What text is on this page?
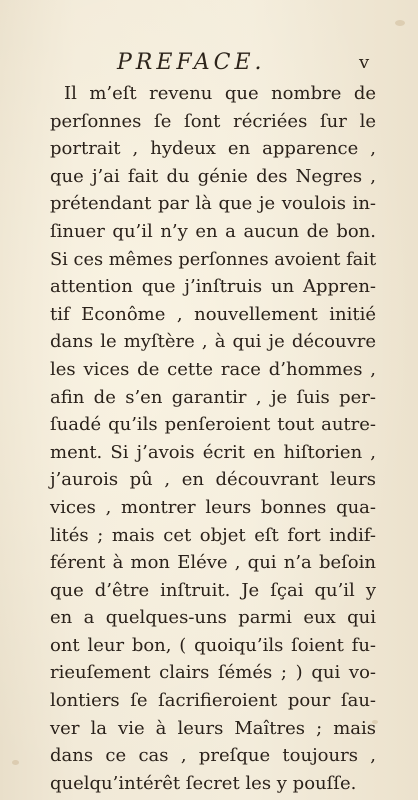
PREFACE.	v
Il m’eſt revenu que nombre de
perſonnes ſe ſont récriées ſur le
portrait , hydeux en apparence ,
que j’ai fait du génie des Negres ,
prétendant par là que je voulois in-
ſinuer qu’il n’y en a aucun de bon.
Si ces mêmes perſonnes avoient fait
attention que j’inſtruis un Appren-
tif Econôme , nouvellement initié
dans le myſtère , à qui je découvre
les vices de cette race d’hommes ,
afin de s’en garantir , je ſuis per-
ſuadé qu’ils penſeroient tout autre-
ment. Si j’avois écrit en hiſtorien ,
j’aurois pû , en découvrant leurs
vices , montrer leurs bonnes qua-
lités ; mais cet objet eſt fort indif-
férent à mon Eléve , qui n’a beſoin
que d’être inſtruit. Je ſçai qu’il y
en a quelques-uns parmi eux qui
ont leur bon, ( quoiqu’ils ſoient fu-
rieuſement clairs ſémés ; ) qui vo-
lontiers ſe ſacrifieroient pour ſau-
ver la vie à leurs Maîtres ; mais
dans ce cas , preſque toujours ,
quelqu’intérêt ſecret les y pouſſe.
